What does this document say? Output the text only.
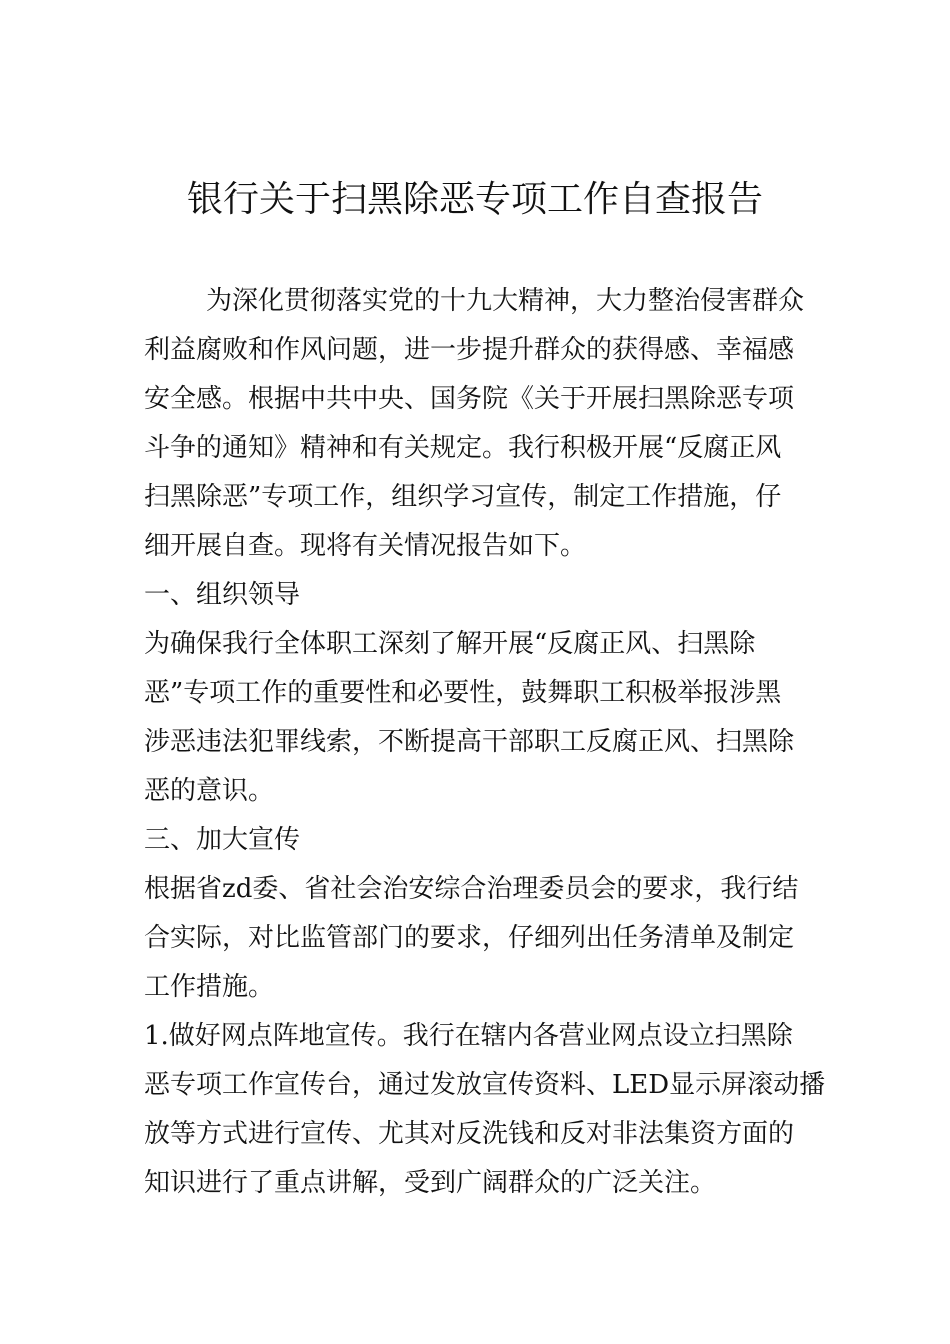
银行关于扫黑除恶专项工作自查报告
为深化贯彻落实党的十九大精神，大力整治侵害群众
利益腐败和作风问题，进一步提升群众的获得感、幸福感
安全感。根据中共中央、国务院《关于开展扫黑除恶专项
斗争的通知》精神和有关规定。我行积极开展“反腐正风
扫黑除恶”专项工作，组织学习宣传，制定工作措施，仔
细开展自查。现将有关情况报告如下。
一、组织领导
为确保我行全体职工深刻了解开展“反腐正风、扫黑除
恶”专项工作的重要性和必要性，鼓舞职工积极举报涉黑
涉恶违法犯罪线索，不断提高干部职工反腐正风、扫黑除
恶的意识。
三、加大宣传
根据省zd委、省社会治安综合治理委员会的要求，我行结
合实际，对比监管部门的要求，仔细列出任务清单及制定
工作措施。
1.做好网点阵地宣传。我行在辖内各营业网点设立扫黑除
恶专项工作宣传台，通过发放宣传资料、LED显示屏滚动播
放等方式进行宣传、尤其对反洗钱和反对非法集资方面的
知识进行了重点讲解，受到广阔群众的广泛关注。
